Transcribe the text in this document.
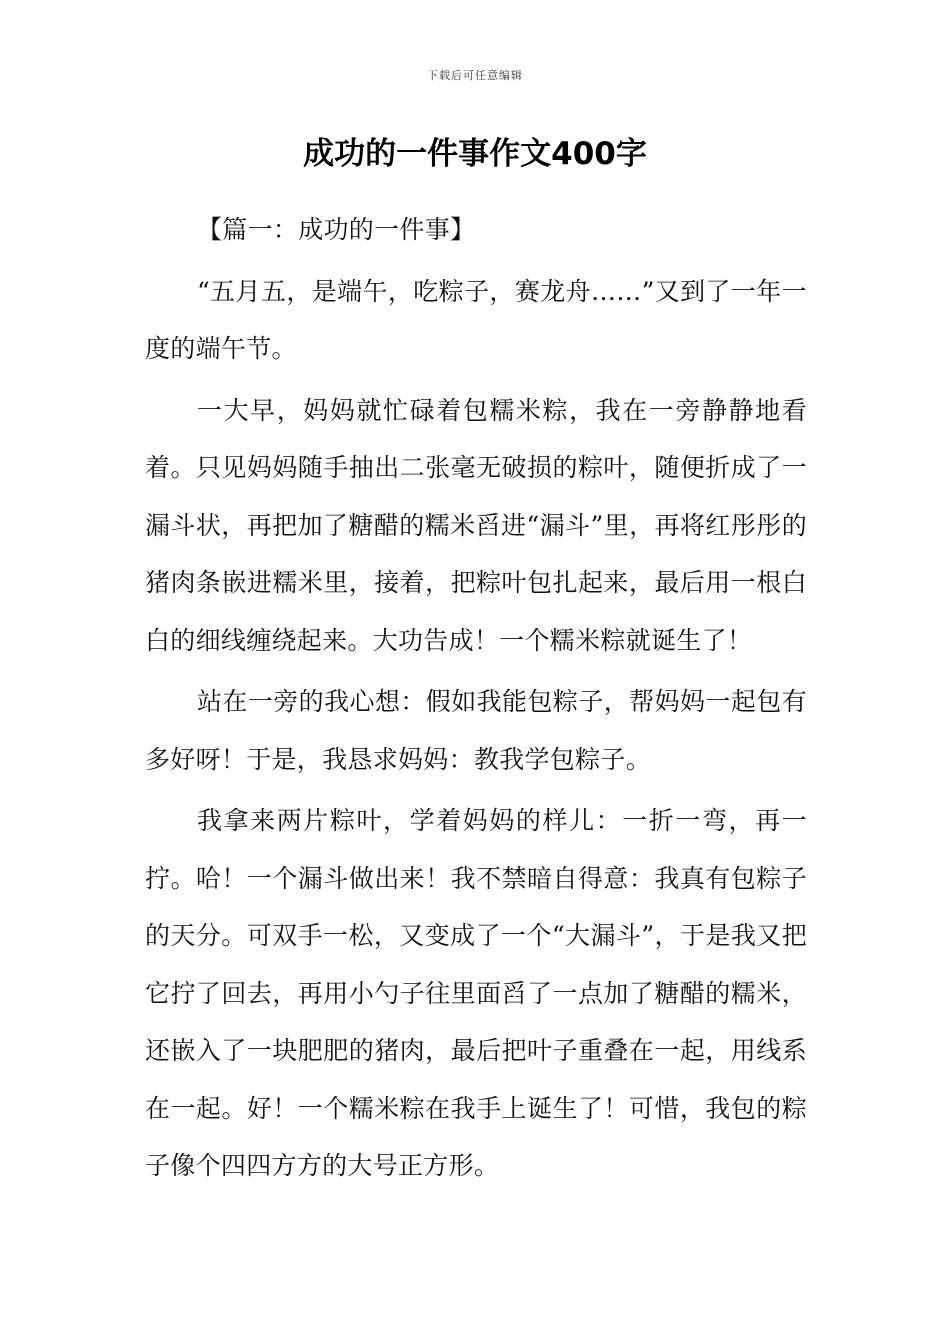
下载后可任意编辑
成功的一件事作文400字

【篇一：成功的一件事】

“五月五，是端午，吃粽子，赛龙舟……”又到了一年一度的端午节。

一大早，妈妈就忙碌着包糯米粽，我在一旁静静地看着。只见妈妈随手抽出二张毫无破损的粽叶，随便折成了一漏斗状，再把加了糖醋的糯米舀进“漏斗”里，再将红彤彤的猪肉条嵌进糯米里，接着，把粽叶包扎起来，最后用一根白白的细线缠绕起来。大功告成！一个糯米粽就诞生了！

站在一旁的我心想：假如我能包粽子，帮妈妈一起包有多好呀！于是，我恳求妈妈：教我学包粽子。

我拿来两片粽叶，学着妈妈的样儿：一折一弯，再一拧。哈！一个漏斗做出来！我不禁暗自得意：我真有包粽子的天分。可双手一松，又变成了一个“大漏斗”，于是我又把它拧了回去，再用小勺子往里面舀了一点加了糖醋的糯米，还嵌入了一块肥肥的猪肉，最后把叶子重叠在一起，用线系在一起。好！一个糯米粽在我手上诞生了！可惜，我包的粽子像个四四方方的大号正方形。
